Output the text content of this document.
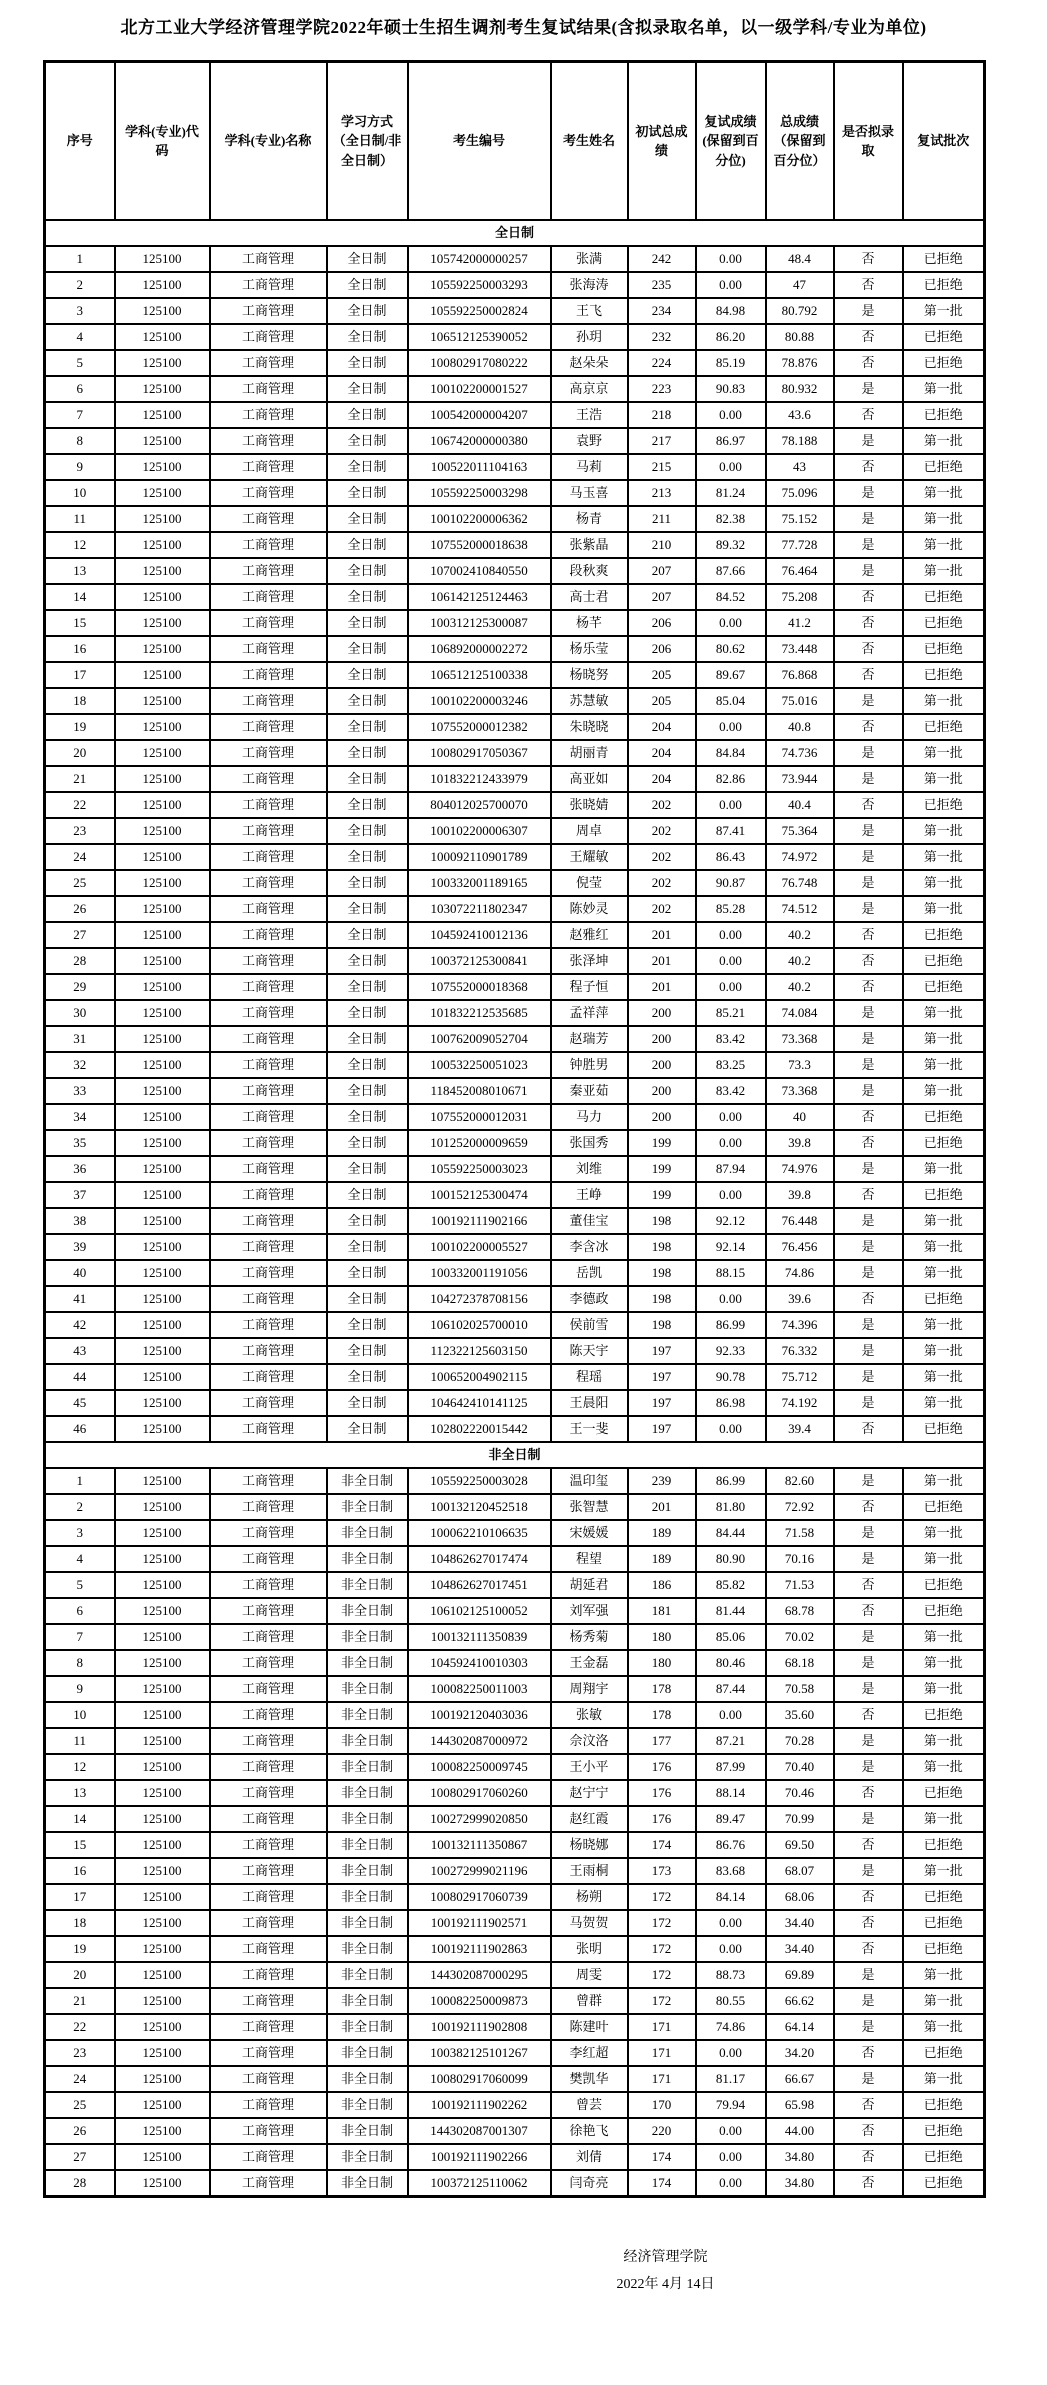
北方工业大学经济管理学院2022年硕士生招生调剂考生复试结果(含拟录取名单，以一级学科/专业为单位)
序号	学科(专业)代码	学科(专业)名称	学习方式（全日制/非全日制）	考生编号	考生姓名	初试总成绩	复试成绩(保留到百分位)	总成绩（保留到百分位）	是否拟录取	复试批次
全日制										
1	125100	工商管理	全日制	105742000000257	张满	242	0.00	48.4	否	已拒绝
2	125100	工商管理	全日制	105592250003293	张海涛	235	0.00	47	否	已拒绝
3	125100	工商管理	全日制	105592250002824	王飞	234	84.98	80.792	是	第一批
4	125100	工商管理	全日制	106512125390052	孙玥	232	86.20	80.88	否	已拒绝
5	125100	工商管理	全日制	100802917080222	赵朵朵	224	85.19	78.876	否	已拒绝
6	125100	工商管理	全日制	100102200001527	高京京	223	90.83	80.932	是	第一批
7	125100	工商管理	全日制	100542000004207	王浩	218	0.00	43.6	否	已拒绝
8	125100	工商管理	全日制	106742000000380	袁野	217	86.97	78.188	是	第一批
9	125100	工商管理	全日制	100522011104163	马莉	215	0.00	43	否	已拒绝
10	125100	工商管理	全日制	105592250003298	马玉喜	213	81.24	75.096	是	第一批
11	125100	工商管理	全日制	100102200006362	杨青	211	82.38	75.152	是	第一批
12	125100	工商管理	全日制	107552000018638	张紫晶	210	89.32	77.728	是	第一批
13	125100	工商管理	全日制	107002410840550	段秋爽	207	87.66	76.464	是	第一批
14	125100	工商管理	全日制	106142125124463	高士君	207	84.52	75.208	否	已拒绝
15	125100	工商管理	全日制	100312125300087	杨芊	206	0.00	41.2	否	已拒绝
16	125100	工商管理	全日制	106892000002272	杨乐莹	206	80.62	73.448	否	已拒绝
17	125100	工商管理	全日制	106512125100338	杨晓努	205	89.67	76.868	否	已拒绝
18	125100	工商管理	全日制	100102200003246	苏慧敏	205	85.04	75.016	是	第一批
19	125100	工商管理	全日制	107552000012382	朱晓晓	204	0.00	40.8	否	已拒绝
20	125100	工商管理	全日制	100802917050367	胡丽青	204	84.84	74.736	是	第一批
21	125100	工商管理	全日制	101832212433979	高亚如	204	82.86	73.944	是	第一批
22	125100	工商管理	全日制	804012025700070	张晓婧	202	0.00	40.4	否	已拒绝
23	125100	工商管理	全日制	100102200006307	周卓	202	87.41	75.364	是	第一批
24	125100	工商管理	全日制	100092110901789	王耀敏	202	86.43	74.972	是	第一批
25	125100	工商管理	全日制	100332001189165	倪莹	202	90.87	76.748	是	第一批
26	125100	工商管理	全日制	103072211802347	陈妙灵	202	85.28	74.512	是	第一批
27	125100	工商管理	全日制	104592410012136	赵雅红	201	0.00	40.2	否	已拒绝
28	125100	工商管理	全日制	100372125300841	张泽坤	201	0.00	40.2	否	已拒绝
29	125100	工商管理	全日制	107552000018368	程子恒	201	0.00	40.2	否	已拒绝
30	125100	工商管理	全日制	101832212535685	孟祥萍	200	85.21	74.084	是	第一批
31	125100	工商管理	全日制	100762009052704	赵瑞芳	200	83.42	73.368	是	第一批
32	125100	工商管理	全日制	100532250051023	钟胜男	200	83.25	73.3	是	第一批
33	125100	工商管理	全日制	118452008010671	秦亚茹	200	83.42	73.368	是	第一批
34	125100	工商管理	全日制	107552000012031	马力	200	0.00	40	否	已拒绝
35	125100	工商管理	全日制	101252000009659	张国秀	199	0.00	39.8	否	已拒绝
36	125100	工商管理	全日制	105592250003023	刘维	199	87.94	74.976	是	第一批
37	125100	工商管理	全日制	100152125300474	王峥	199	0.00	39.8	否	已拒绝
38	125100	工商管理	全日制	100192111902166	董佳宝	198	92.12	76.448	是	第一批
39	125100	工商管理	全日制	100102200005527	李含冰	198	92.14	76.456	是	第一批
40	125100	工商管理	全日制	100332001191056	岳凯	198	88.15	74.86	是	第一批
41	125100	工商管理	全日制	104272378708156	李德政	198	0.00	39.6	否	已拒绝
42	125100	工商管理	全日制	106102025700010	侯前雪	198	86.99	74.396	是	第一批
43	125100	工商管理	全日制	112322125603150	陈天宇	197	92.33	76.332	是	第一批
44	125100	工商管理	全日制	100652004902115	程瑶	197	90.78	75.712	是	第一批
45	125100	工商管理	全日制	104642410141125	王晨阳	197	86.98	74.192	是	第一批
46	125100	工商管理	全日制	102802220015442	王一斐	197	0.00	39.4	否	已拒绝
非全日制										
1	125100	工商管理	非全日制	105592250003028	温印玺	239	86.99	82.60	是	第一批
2	125100	工商管理	非全日制	100132120452518	张智慧	201	81.80	72.92	否	已拒绝
3	125100	工商管理	非全日制	100062210106635	宋媛媛	189	84.44	71.58	是	第一批
4	125100	工商管理	非全日制	104862627017474	程望	189	80.90	70.16	是	第一批
5	125100	工商管理	非全日制	104862627017451	胡延君	186	85.82	71.53	否	已拒绝
6	125100	工商管理	非全日制	106102125100052	刘军强	181	81.44	68.78	否	已拒绝
7	125100	工商管理	非全日制	100132111350839	杨秀菊	180	85.06	70.02	是	第一批
8	125100	工商管理	非全日制	104592410010303	王金磊	180	80.46	68.18	是	第一批
9	125100	工商管理	非全日制	100082250011003	周翔宇	178	87.44	70.58	是	第一批
10	125100	工商管理	非全日制	100192120403036	张敏	178	0.00	35.60	否	已拒绝
11	125100	工商管理	非全日制	144302087000972	佘汶洛	177	87.21	70.28	是	第一批
12	125100	工商管理	非全日制	100082250009745	王小平	176	87.99	70.40	是	第一批
13	125100	工商管理	非全日制	100802917060260	赵宁宁	176	88.14	70.46	否	已拒绝
14	125100	工商管理	非全日制	100272999020850	赵红霞	176	89.47	70.99	是	第一批
15	125100	工商管理	非全日制	100132111350867	杨晓娜	174	86.76	69.50	否	已拒绝
16	125100	工商管理	非全日制	100272999021196	王雨桐	173	83.68	68.07	是	第一批
17	125100	工商管理	非全日制	100802917060739	杨朔	172	84.14	68.06	否	已拒绝
18	125100	工商管理	非全日制	100192111902571	马贺贺	172	0.00	34.40	否	已拒绝
19	125100	工商管理	非全日制	100192111902863	张明	172	0.00	34.40	否	已拒绝
20	125100	工商管理	非全日制	144302087000295	周雯	172	88.73	69.89	是	第一批
21	125100	工商管理	非全日制	100082250009873	曾群	172	80.55	66.62	是	第一批
22	125100	工商管理	非全日制	100192111902808	陈建叶	171	74.86	64.14	是	第一批
23	125100	工商管理	非全日制	100382125101267	李红超	171	0.00	34.20	否	已拒绝
24	125100	工商管理	非全日制	100802917060099	樊凯华	171	81.17	66.67	是	第一批
25	125100	工商管理	非全日制	100192111902262	曾芸	170	79.94	65.98	否	已拒绝
26	125100	工商管理	非全日制	144302087001307	徐艳飞	220	0.00	44.00	否	已拒绝
27	125100	工商管理	非全日制	100192111902266	刘倩	174	0.00	34.80	否	已拒绝
28	125100	工商管理	非全日制	100372125110062	闫奇亮	174	0.00	34.80	否	已拒绝
经济管理学院
2022年 4月 14日
